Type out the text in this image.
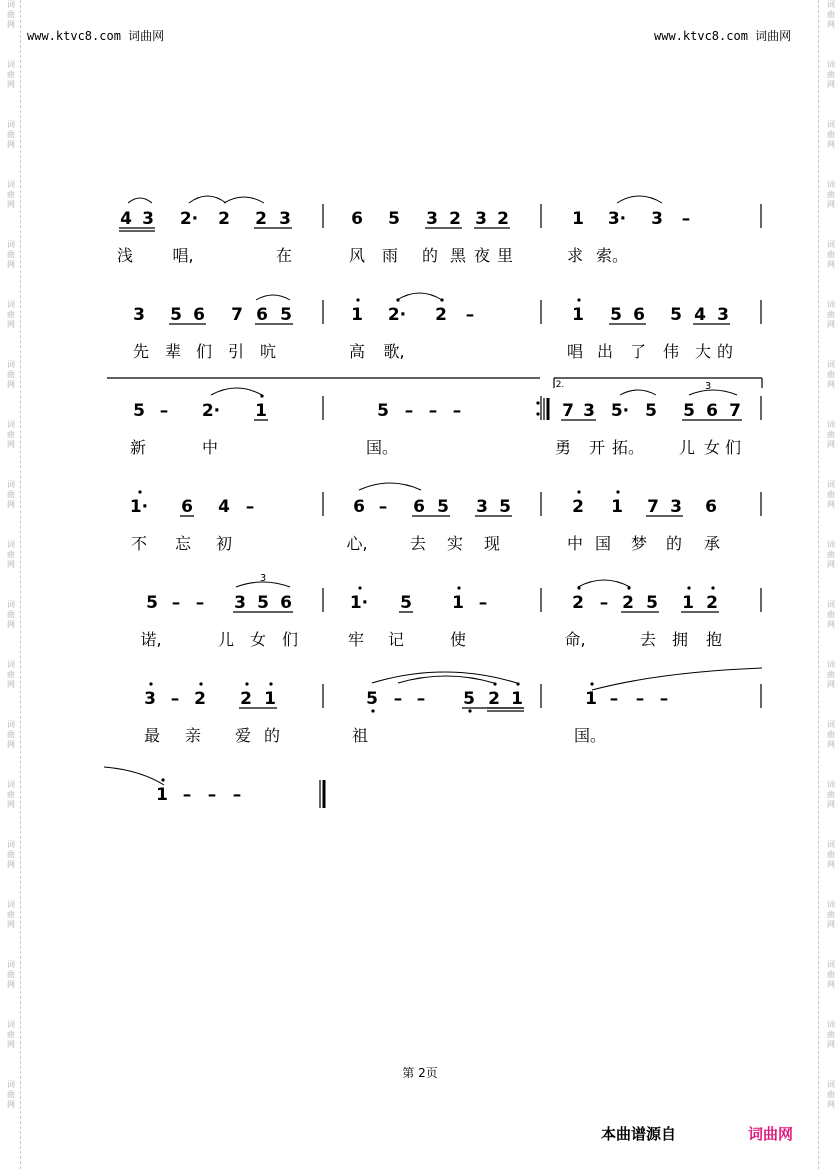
词
曲
网
词
曲
网
词
曲
网
词
曲
网
词
曲
网
词
曲
网
词
曲
网
词
曲
网
词
曲
网
词
曲
网
词
曲
网
词
曲
网
词
曲
网
词
曲
网
词
曲
网
词
曲
网
词
曲
网
词
曲
网
词
曲
网
词
曲
网
词
曲
网
词
曲
网
词
曲
网
词
曲
网
词
曲
网
词
曲
网
词
曲
网
词
曲
网
词
曲
网
词
曲
网
词
曲
网
词
曲
网
词
曲
网
词
曲
网
词
曲
网
词
曲
网
词
曲
网
词
曲
网
www.ktvc8.com 词曲网	www.ktvc8.com 词曲网
4 3 2· 2 2 3	6 5 3 2 3 2	1 3· 3 –
浅 唱,	在	风 雨 的 黑 夜 里	求 索。
3 5 6 7 6 5	1 2· 2 –	1 5 6 5 4 3
先 辈 们 引 吭	高 歌,	唱 出 了 伟 大 的
5 – 2· 1	5 – – –	7 3 5· 5 5 6 7
新	中	国。	勇 开 拓。 儿 女 们
1· 6 4 –	6 – 6 5 3 5	2 1 7 3 6
不 忘 初	心,	去 实 现	中 国 梦 的 承
5 – – 3 5 6	1· 5 1 –	2 – 2 5 1 2
诺,	儿 女 们	牢 记	使	命,	去 拥 抱
3 – 2 2 1	5 – – 5 2 1	1 – – –
最 亲 爱 的	祖	国。
1 – – –
3
3
2.
第 2页
本曲谱源自	词曲网
